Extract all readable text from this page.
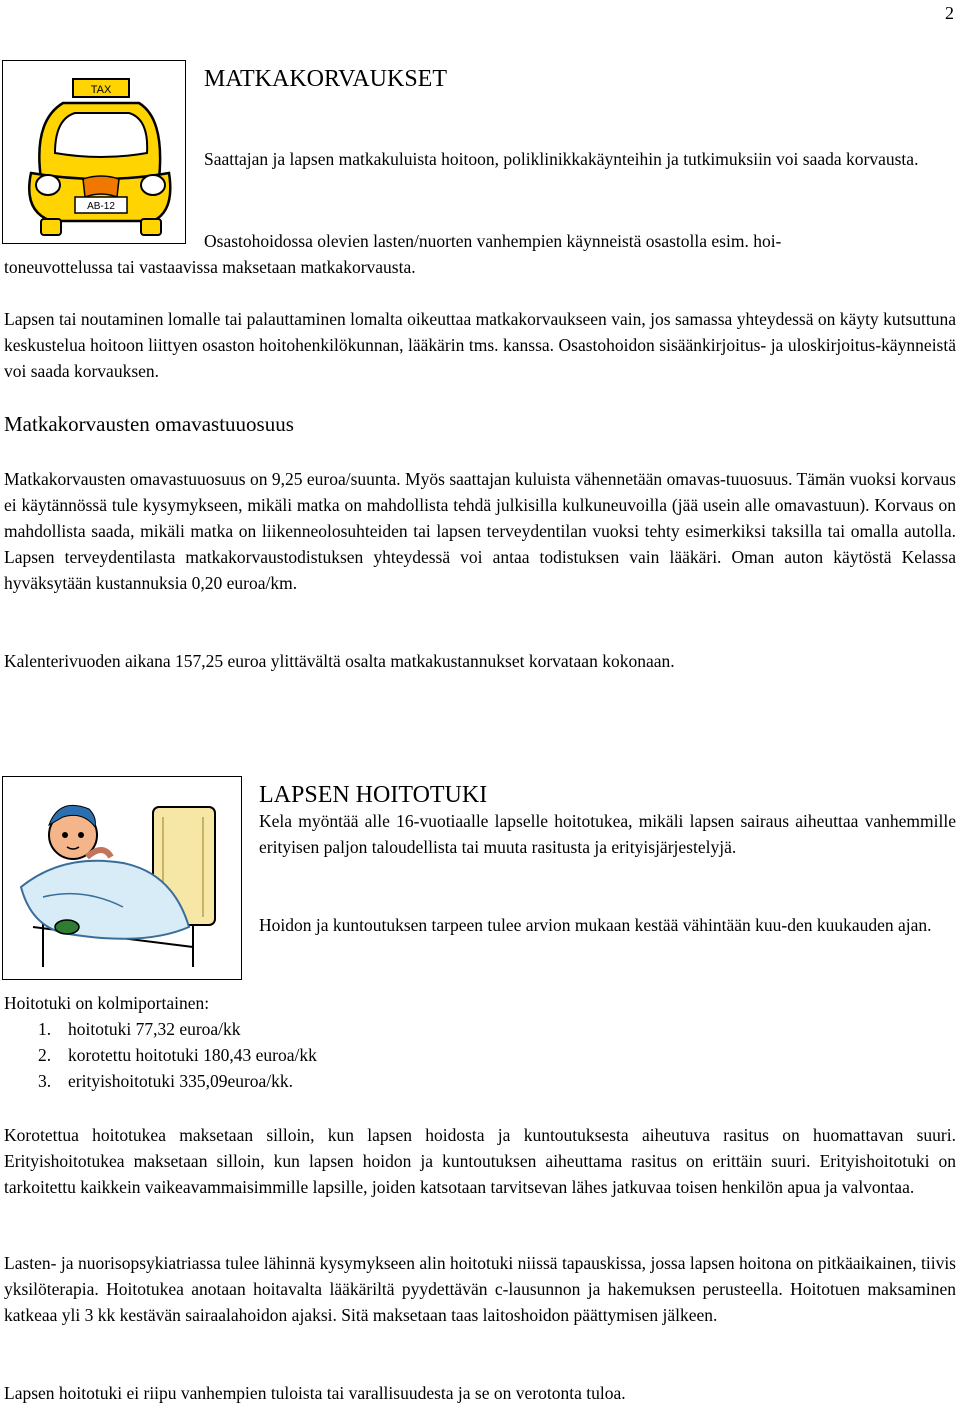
2
TAX
AB-12
MATKAKORVAUKSET

Saattajan ja lapsen matkakuluista hoitoon, poliklinikkakäynteihin ja tutkimuksiin voi saada korvausta.

Osastohoidossa olevien lasten/nuorten vanhempien käynneistä osastolla esim. hoi-

toneuvottelussa tai vastaavissa maksetaan matkakorvausta.

Lapsen tai noutaminen lomalle tai palauttaminen lomalta oikeuttaa matkakorvaukseen vain, jos samassa yhteydessä on käyty kutsuttuna keskustelua hoitoon liittyen osaston hoitohenkilökunnan, lääkärin tms. kanssa. Osastohoidon sisäänkirjoitus- ja uloskirjoitus-käynneistä voi saada korvauksen.

Matkakorvausten omavastuuosuus

Matkakorvausten omavastuuosuus on 9,25 euroa/suunta. Myös saattajan kuluista vähennetään omavas-tuuosuus. Tämän vuoksi korvaus ei käytännössä tule kysymykseen, mikäli matka on mahdollista tehdä julkisilla kulkuneuvoilla (jää usein alle omavastuun). Korvaus on mahdollista saada, mikäli matka on liikenneolosuhteiden tai lapsen terveydentilan vuoksi tehty esimerkiksi taksilla tai omalla autolla. Lapsen terveydentilasta matkakorvaustodistuksen yhteydessä voi antaa todistuksen vain lääkäri. Oman auton käytöstä Kelassa hyväksytään kustannuksia 0,20 euroa/km.

Kalenterivuoden aikana 157,25 euroa ylittävältä osalta matkakustannukset korvataan kokonaan.

LAPSEN HOITOTUKI

Kela myöntää alle 16-vuotiaalle lapselle hoitotukea, mikäli lapsen sairaus aiheuttaa vanhemmille erityisen paljon taloudellista tai muuta rasitusta ja erityisjärjestelyjä.

Hoidon ja kuntoutuksen tarpeen tulee arvion mukaan kestää vähintään kuu-den kuukauden ajan.

Hoitotuki on kolmiportainen:
1. hoitotuki 77,32 euroa/kk
2. korotettu hoitotuki 180,43 euroa/kk
3. erityishoitotuki 335,09euroa/kk.

Korotettua hoitotukea maksetaan silloin, kun lapsen hoidosta ja kuntoutuksesta aiheutuva rasitus on huomattavan suuri. Erityishoitotukea maksetaan silloin, kun lapsen hoidon ja kuntoutuksen aiheuttama rasitus on erittäin suuri. Erityishoitotuki on tarkoitettu kaikkein vaikeavammaisimmille lapsille, joiden katsotaan tarvitsevan lähes jatkuvaa toisen henkilön apua ja valvontaa.

Lasten- ja nuorisopsykiatriassa tulee lähinnä kysymykseen alin hoitotuki niissä tapauskissa, jossa lapsen hoitona on pitkäaikainen, tiivis yksilöterapia. Hoitotukea anotaan hoitavalta lääkäriltä pyydettävän c-lausunnon ja hakemuksen perusteella. Hoitotuen maksaminen katkeaa yli 3 kk kestävän sairaalahoidon ajaksi. Sitä maksetaan taas laitoshoidon päättymisen jälkeen.

Lapsen hoitotuki ei riipu vanhempien tuloista tai varallisuudesta ja se on verotonta tuloa.
